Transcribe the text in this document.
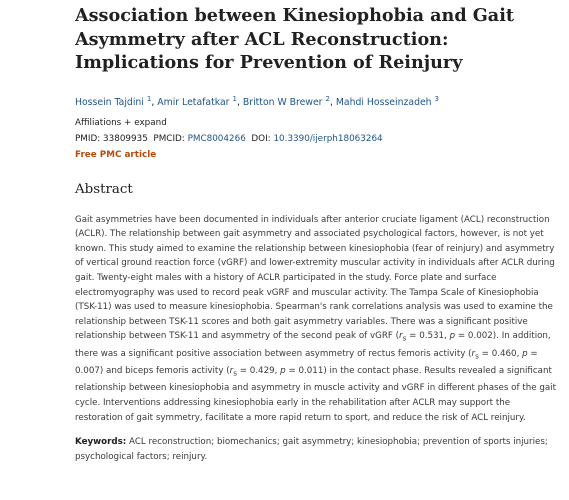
Association between Kinesiophobia and Gait Asymmetry after ACL Reconstruction: Implications for Prevention of Reinjury
Hossein Tajdini $^1$, Amir Letafatkar $^1$, Britton W Brewer $^2$, Mahdi Hosseinzadeh $^3$
Affiliations + expand
PMID: 33809935 PMCID: PMC8004266 DOI: 10.3390/ijerph18063264
Free PMC article
Abstract
Gait asymmetries have been documented in individuals after anterior cruciate ligament (ACL) reconstruction (ACLR). The relationship between gait asymmetry and associated psychological factors, however, is not yet known. This study aimed to examine the relationship between kinesiophobia (fear of reinjury) and asymmetry of vertical ground reaction force (vGRF) and lower-extremity muscular activity in individuals after ACLR during gait. Twenty-eight males with a history of ACLR participated in the study. Force plate and surface electromyography was used to record peak vGRF and muscular activity. The Tampa Scale of Kinesiophobia (TSK-11) was used to measure kinesiophobia. Spearman's rank correlations analysis was used to examine the relationship between TSK-11 scores and both gait asymmetry variables. There was a significant positive relationship between TSK-11 and asymmetry of the second peak of vGRF ($r_s = 0.531$, p = 0.002). In addition, there was a significant positive association between asymmetry of rectus femoris activity ($r_s = 0.460$, p = 0.007) and biceps femoris activity ($r_s = 0.429$, p = 0.011) in the contact phase. Results revealed a significant relationship between kinesiophobia and asymmetry in muscle activity and vGRF in different phases of the gait cycle. Interventions addressing kinesiophobia early in the rehabilitation after ACLR may support the restoration of gait symmetry, facilitate a more rapid return to sport, and reduce the risk of ACL reinjury.
Keywords: ACL reconstruction; biomechanics; gait asymmetry; kinesiophobia; prevention of sports injuries; psychological factors; reinjury.
